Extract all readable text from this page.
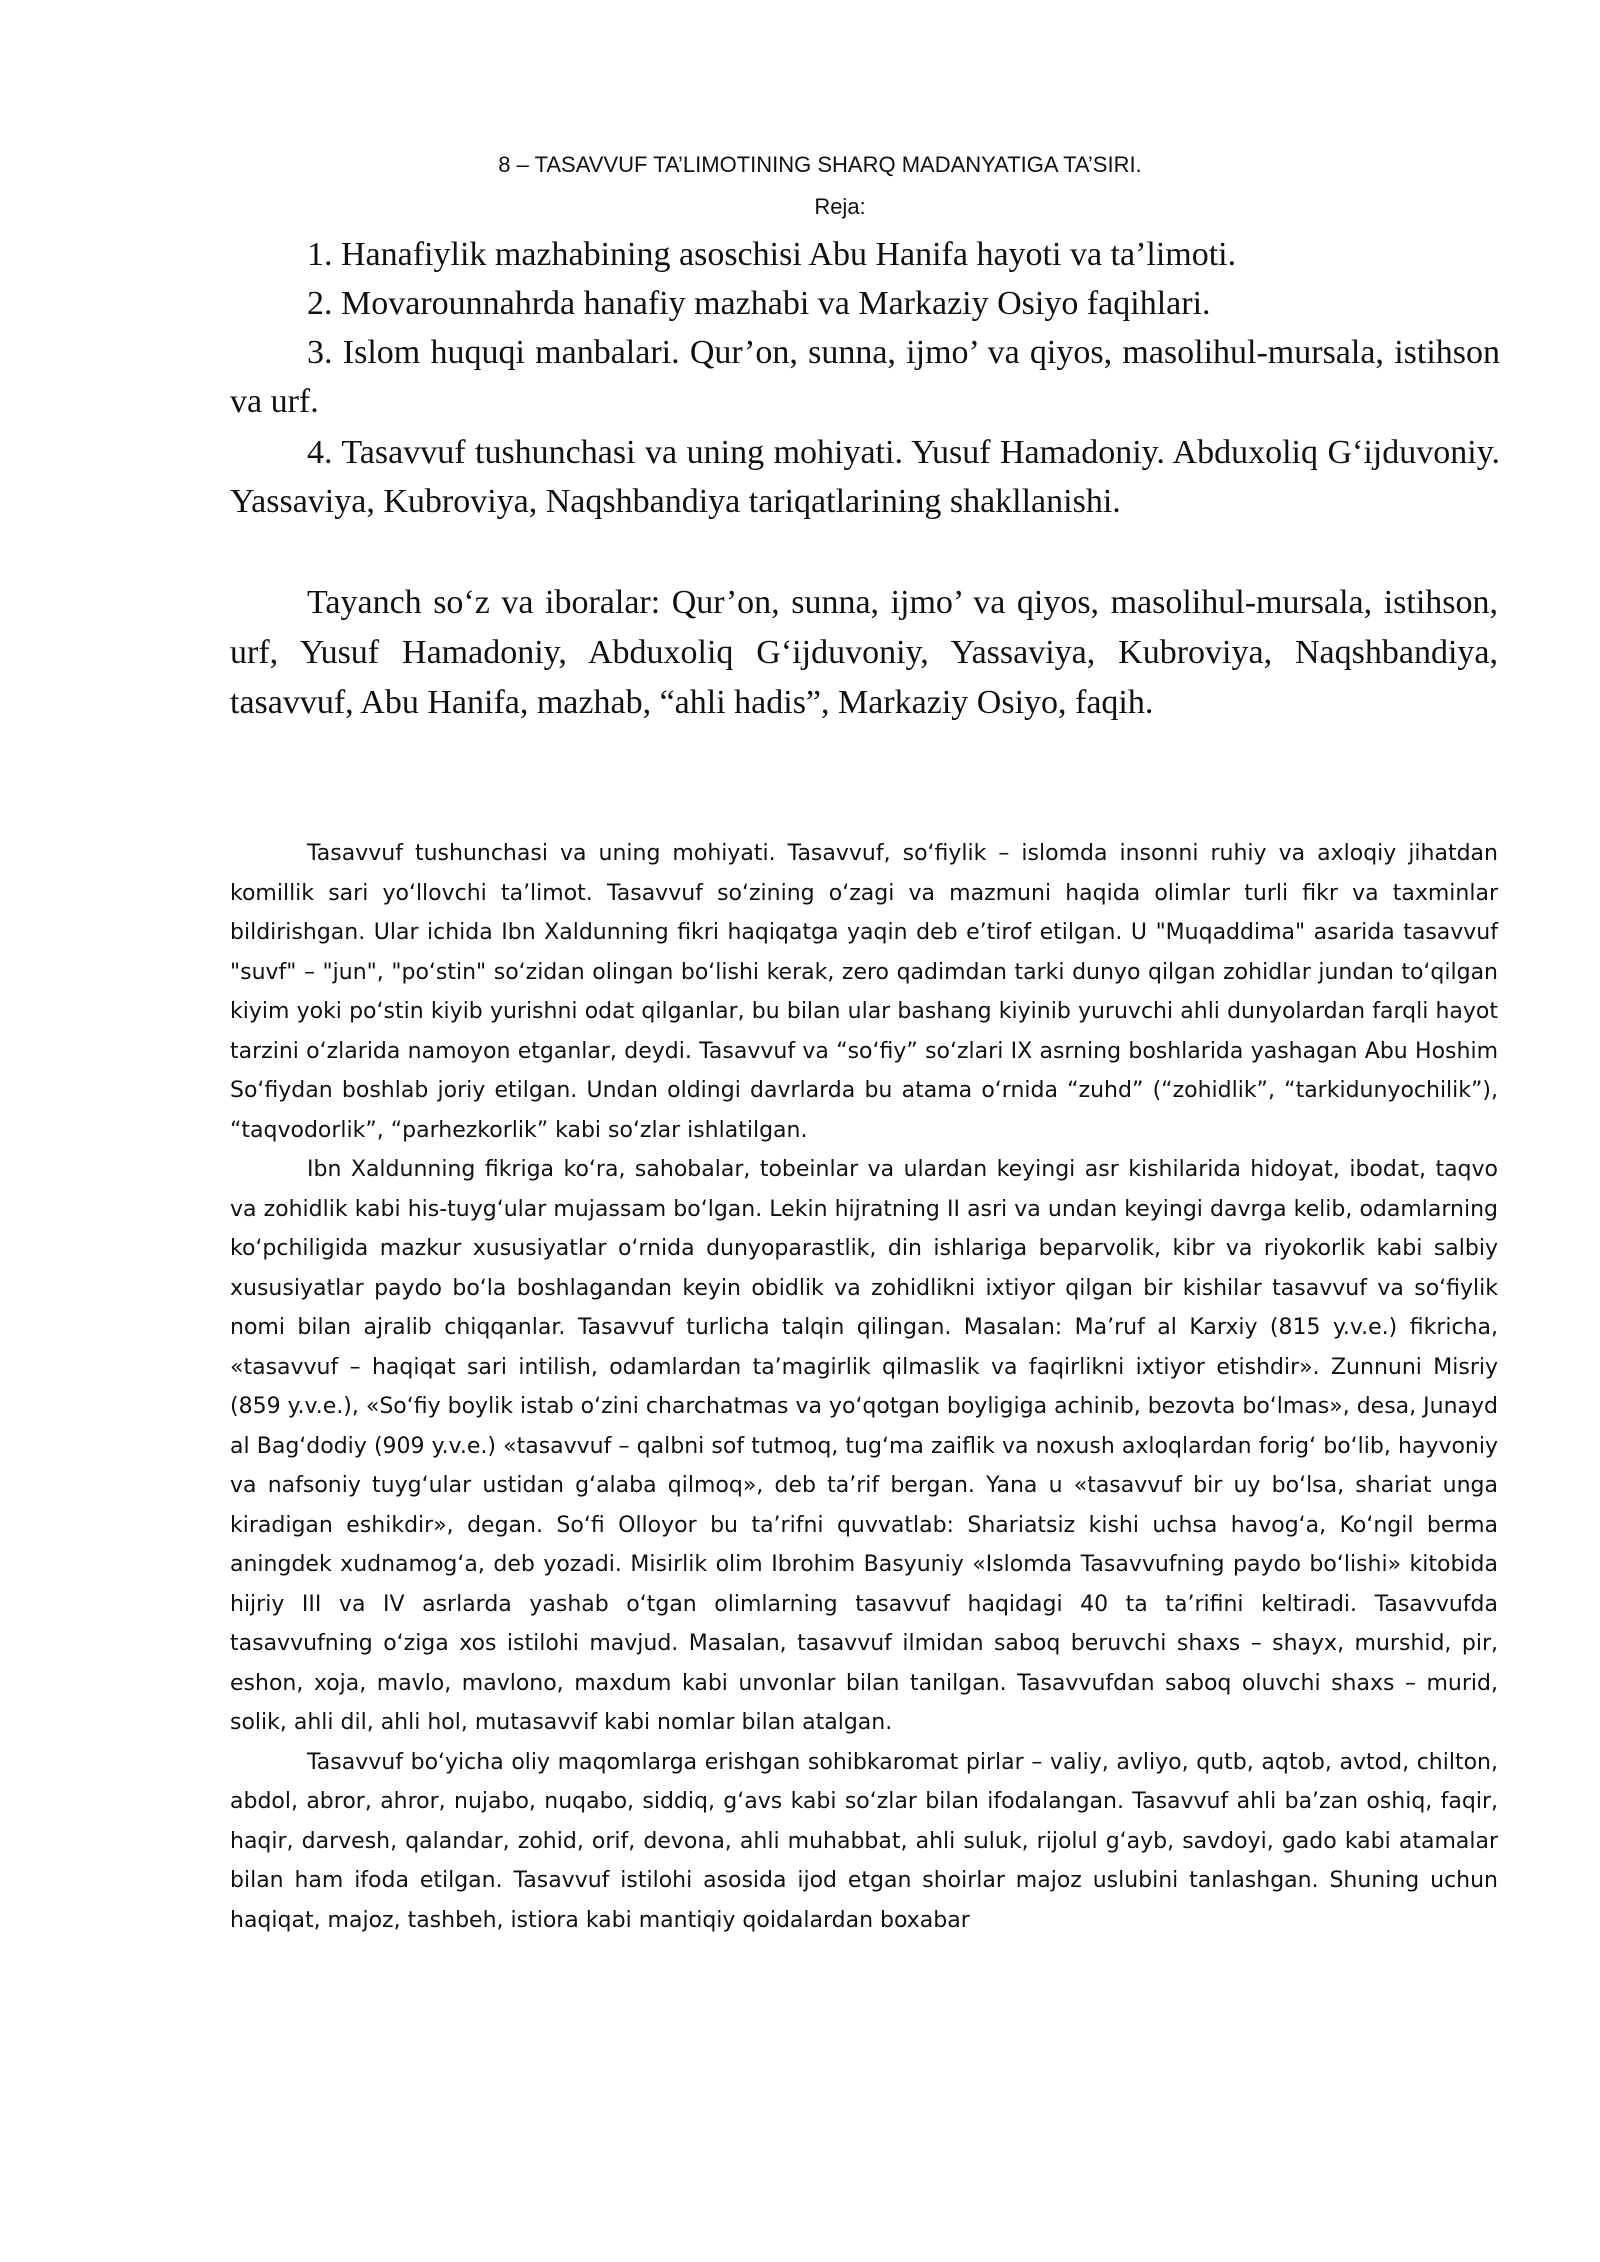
8 – TASAVVUF TA’LIMOTINING SHARQ MADANYATIGA TA’SIRI.
Reja:
1. Hanafiylik mazhabining asoschisi Abu Hanifa hayoti va ta’limoti.
2. Movarounnahrda hanafiy mazhabi va Markaziy Osiyo faqihlari.
3. Islom huquqi manbalari. Qur’on, sunna, ijmo’ va qiyos, masolihul-mursala, istihson va urf.
4. Tasavvuf tushunchasi va uning mohiyati. Yusuf Hamadoniy. Abduxoliq G‘ijduvoniy. Yassaviya, Kubroviya, Naqshbandiya tariqatlarining shakllanishi.

Tayanch so‘z va iboralar: Qur’on, sunna, ijmo’ va qiyos, masolihul-mursala, istihson, urf, Yusuf Hamadoniy, Abduxoliq G‘ijduvoniy, Yassaviya, Kubroviya, Naqshbandiya, tasavvuf, Abu Hanifa, mazhab, “ahli hadis”, Markaziy Osiyo, faqih.

Tasavvuf tushunchasi va uning mohiyati. Tasavvuf, so‘fiylik – islomda insonni ruhiy va axloqiy jihatdan komillik sari yo‘llovchi ta’limot. Tasavvuf so‘zining o‘zagi va mazmuni haqida olimlar turli fikr va taxminlar bildirishgan. Ular ichida Ibn Xaldunning fikri haqiqatga yaqin deb e’tirof etilgan. U "Muqaddima" asarida tasavvuf "suvf" – "jun", "po‘stin" so‘zidan olingan bo‘lishi kerak, zero qadimdan tarki dunyo qilgan zohidlar jundan to‘qilgan kiyim yoki po‘stin kiyib yurishni odat qilganlar, bu bilan ular bashang kiyinib yuruvchi ahli dunyolardan farqli hayot tarzini o‘zlarida namoyon etganlar, deydi. Tasavvuf va “so‘fiy” so‘zlari IX asrning boshlarida yashagan Abu Hoshim So‘fiydan boshlab joriy etilgan. Undan oldingi davrlarda bu atama o‘rnida “zuhd” (“zohidlik”, “tarkidunyochilik”), “taqvodorlik”, “parhezkorlik” kabi so‘zlar ishlatilgan.

Ibn Xaldunning fikriga ko‘ra, sahobalar, tobeinlar va ulardan keyingi asr kishilarida hidoyat, ibodat, taqvo va zohidlik kabi his-tuyg‘ular mujassam bo‘lgan. Lekin hijratning II asri va undan keyingi davrga kelib, odamlarning ko‘pchiligida mazkur xususiyatlar o‘rnida dunyoparastlik, din ishlariga beparvolik, kibr va riyokorlik kabi salbiy xususiyatlar paydo bo‘la boshlagandan keyin obidlik va zohidlikni ixtiyor qilgan bir kishilar tasavvuf va so‘fiylik nomi bilan ajralib chiqqanlar. Tasavvuf turlicha talqin qilingan. Masalan: Ma’ruf al Karxiy (815 y.v.e.) fikricha, «tasavvuf – haqiqat sari intilish, odamlardan ta’magirlik qilmaslik va faqirlikni ixtiyor etishdir». Zunnuni Misriy (859 y.v.e.), «So‘fiy boylik istab o‘zini charchatmas va yo‘qotgan boyligiga achinib, bezovta bo‘lmas», desa, Junayd al Bag‘dodiy (909 y.v.e.) «tasavvuf – qalbni sof tutmoq, tug‘ma zaiflik va noxush axloqlardan forig‘ bo‘lib, hayvoniy va nafsoniy tuyg‘ular ustidan g‘alaba qilmoq», deb ta’rif bergan. Yana u «tasavvuf bir uy bo‘lsa, shariat unga kiradigan eshikdir», degan. So‘fi Olloyor bu ta’rifni quvvatlab: Shariatsiz kishi uchsa havog‘a, Ko‘ngil berma aningdek xudnamog‘a, deb yozadi. Misirlik olim Ibrohim Basyuniy «Islomda Tasavvufning paydo bo‘lishi» kitobida hijriy III va IV asrlarda yashab o‘tgan olimlarning tasavvuf haqidagi 40 ta ta’rifini keltiradi. Tasavvufda tasavvufning o‘ziga xos istilohi mavjud. Masalan, tasavvuf ilmidan saboq beruvchi shaxs – shayx, murshid, pir, eshon, xoja, mavlo, mavlono, maxdum kabi unvonlar bilan tanilgan. Tasavvufdan saboq oluvchi shaxs – murid, solik, ahli dil, ahli hol, mutasavvif kabi nomlar bilan atalgan.

Tasavvuf bo‘yicha oliy maqomlarga erishgan sohibkaromat pirlar – valiy, avliyo, qutb, aqtob, avtod, chilton, abdol, abror, ahror, nujabo, nuqabo, siddiq, g‘avs kabi so‘zlar bilan ifodalangan. Tasavvuf ahli ba’zan oshiq, faqir, haqir, darvesh, qalandar, zohid, orif, devona, ahli muhabbat, ahli suluk, rijolul g‘ayb, savdoyi, gado kabi atamalar bilan ham ifoda etilgan. Tasavvuf istilohi asosida ijod etgan shoirlar majoz uslubini tanlashgan. Shuning uchun haqiqat, majoz, tashbeh, istiora kabi mantiqiy qoidalardan boxabar
